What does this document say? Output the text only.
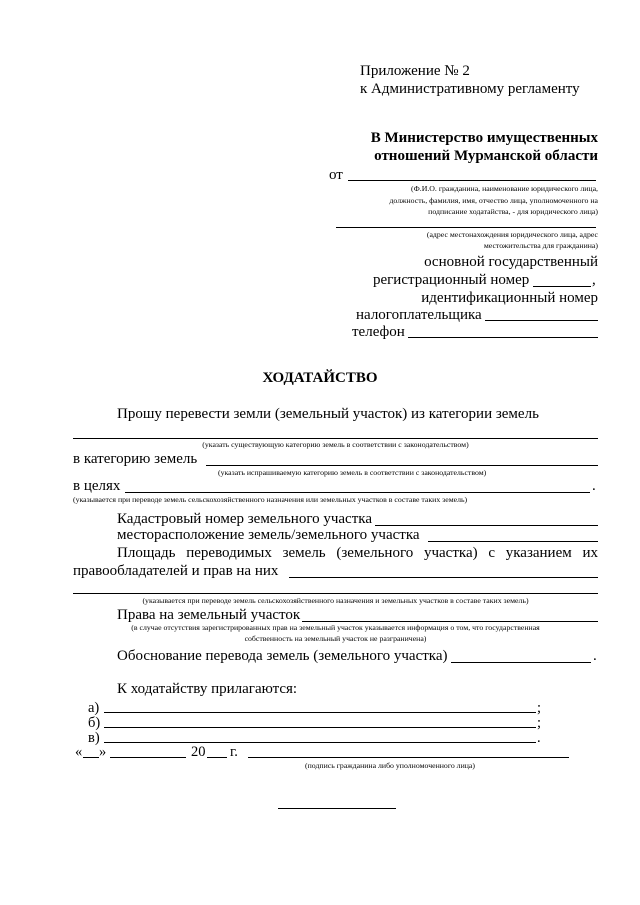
Приложение № 2
к Административному регламенту
В Министерство имущественных
отношений Мурманской области
от
(Ф.И.О. гражданина, наименование юридического лица,
должность, фамилия, имя, отчество лица, уполномоченного на
подписание ходатайства, - для юридического лица)
(адрес местонахождения юридического лица, адрес
местожительства для гражданина)
основной государственный
регистрационный номер	,
идентификационный номер
налогоплательщика
телефон
ХОДАТАЙСТВО
Прошу перевести земли (земельный участок) из категории земель
(указать существующую категорию земель в соответствии с законодательством)
в категорию земель
(указать испрашиваемую категорию земель в соответствии с законодательством)
в целях	.
(указывается при переводе земель сельскохозяйственного назначения или земельных участков в составе таких земель)
Кадастровый номер земельного участка
месторасположение земель/земельного участка
Площадь переводимых земель (земельного участка) с указанием их
правообладателей и прав на них
(указывается при переводе земель сельскохозяйственного назначения и земельных участков в составе таких земель)
Права на земельный участок
(в случае отсутствия зарегистрированных прав на земельный участок указывается информация о том, что государственная
собственность на земельный участок не разграничена)
Обоснование перевода земель (земельного участка)	.
К ходатайству прилагаются:
а)	;
б)	;
в)	.
« »	20 г.
(подпись гражданина либо уполномоченного лица)
